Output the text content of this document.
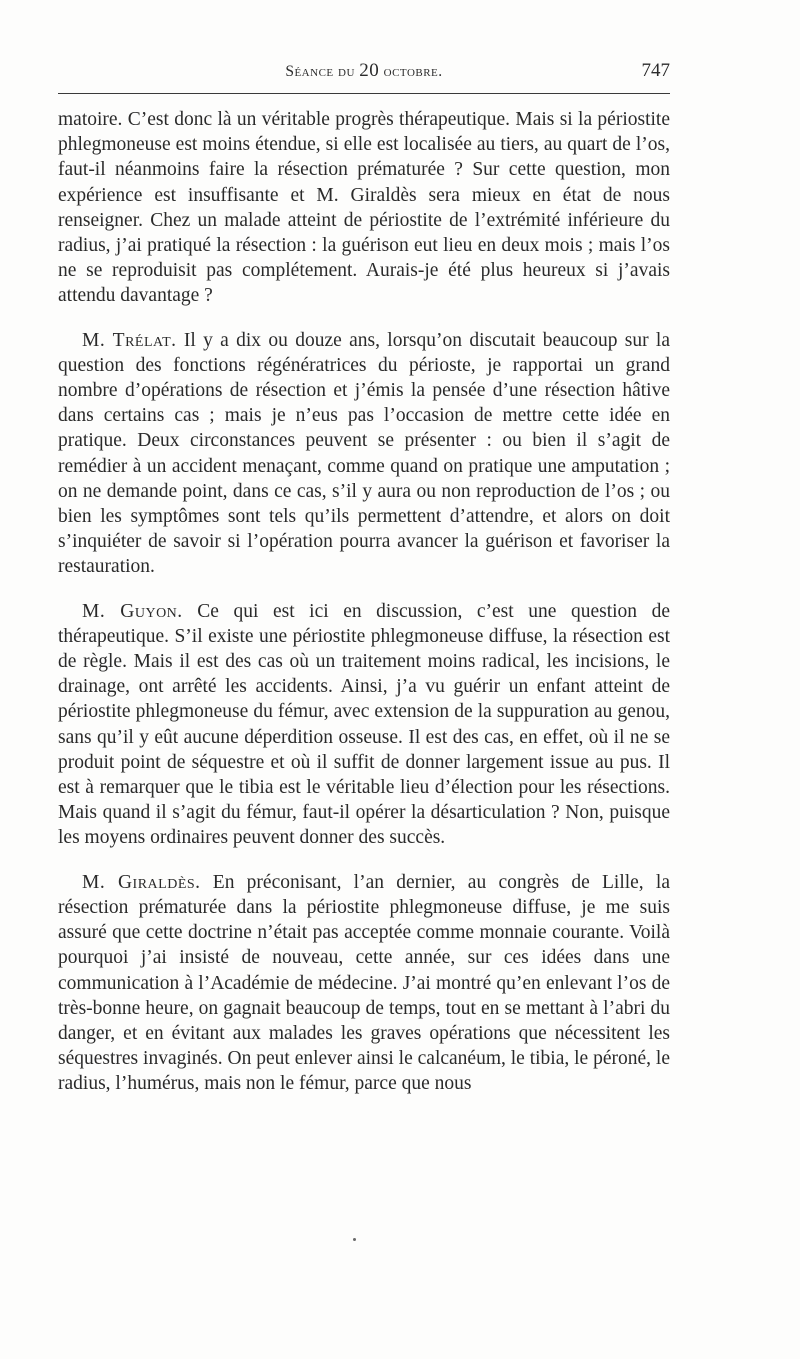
Séance du 20 octobre.	747

matoire. C’est donc là un véritable progrès thérapeutique. Mais si la périostite phlegmoneuse est moins étendue, si elle est localisée au tiers, au quart de l’os, faut-il néanmoins faire la résection prématurée ? Sur cette question, mon expérience est insuffisante et M. Giraldès sera mieux en état de nous renseigner. Chez un malade atteint de périostite de l’extrémité inférieure du radius, j’ai pratiqué la résection : la guérison eut lieu en deux mois ; mais l’os ne se reproduisit pas complétement. Aurais-je été plus heureux si j’avais attendu davantage ?

M. Trélat. Il y a dix ou douze ans, lorsqu’on discutait beaucoup sur la question des fonctions régénératrices du périoste, je rapportai un grand nombre d’opérations de résection et j’émis la pensée d’une résection hâtive dans certains cas ; mais je n’eus pas l’occasion de mettre cette idée en pratique. Deux circonstances peuvent se présenter : ou bien il s’agit de remédier à un accident menaçant, comme quand on pratique une amputation ; on ne demande point, dans ce cas, s’il y aura ou non reproduction de l’os ; ou bien les symptômes sont tels qu’ils permettent d’attendre, et alors on doit s’inquiéter de savoir si l’opération pourra avancer la guérison et favoriser la restauration.

M. Guyon. Ce qui est ici en discussion, c’est une question de thérapeutique. S’il existe une périostite phlegmoneuse diffuse, la résection est de règle. Mais il est des cas où un traitement moins radical, les incisions, le drainage, ont arrêté les accidents. Ainsi, j’a vu guérir un enfant atteint de périostite phlegmoneuse du fémur, avec extension de la suppuration au genou, sans qu’il y eût aucune déperdition osseuse. Il est des cas, en effet, où il ne se produit point de séquestre et où il suffit de donner largement issue au pus. Il est à remarquer que le tibia est le véritable lieu d’élection pour les résections. Mais quand il s’agit du fémur, faut-il opérer la désarticulation ? Non, puisque les moyens ordinaires peuvent donner des succès.

M. Giraldès. En préconisant, l’an dernier, au congrès de Lille, la résection prématurée dans la périostite phlegmoneuse diffuse, je me suis assuré que cette doctrine n’était pas acceptée comme monnaie courante. Voilà pourquoi j’ai insisté de nouveau, cette année, sur ces idées dans une communication à l’Académie de médecine. J’ai montré qu’en enlevant l’os de très-bonne heure, on gagnait beaucoup de temps, tout en se mettant à l’abri du danger, et en évitant aux malades les graves opérations que nécessitent les séquestres invaginés. On peut enlever ainsi le calcanéum, le tibia, le péroné, le radius, l’humérus, mais non le fémur, parce que nous
